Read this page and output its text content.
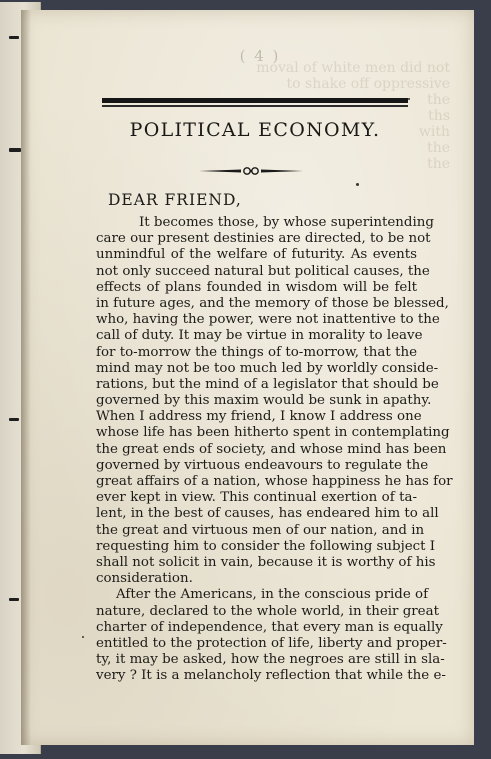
( 4 )
moval of white men did not to shake off oppressive
the
ths
with
the
the
POLITICAL ECONOMY.
DEAR FRIEND,
It becomes those, by whose superintending
care our present destinies are directed, to be not
unmindful of the welfare of futurity. As events
not only succeed natural but political causes, the
effects of plans founded in wisdom will be felt
in future ages, and the memory of those be blessed,
who, having the power, were not inattentive to the
call of duty. It may be virtue in morality to leave
for to-morrow the things of to-morrow, that the
mind may not be too much led by worldly conside-
rations, but the mind of a legislator that should be
governed by this maxim would be sunk in apathy.
When I address my friend, I know I address one
whose life has been hitherto spent in contemplating
the great ends of society, and whose mind has been
governed by virtuous endeavours to regulate the
great affairs of a nation, whose happiness he has for
ever kept in view. This continual exertion of ta-
lent, in the best of causes, has endeared him to all
the great and virtuous men of our nation, and in
requesting him to consider the following subject I
shall not solicit in vain, because it is worthy of his
consideration.
After the Americans, in the conscious pride of
nature, declared to the whole world, in their great
charter of independence, that every man is equally
entitled to the protection of life, liberty and proper-
ty, it may be asked, how the negroes are still in sla-
very ? It is a melancholy reflection that while the e-
